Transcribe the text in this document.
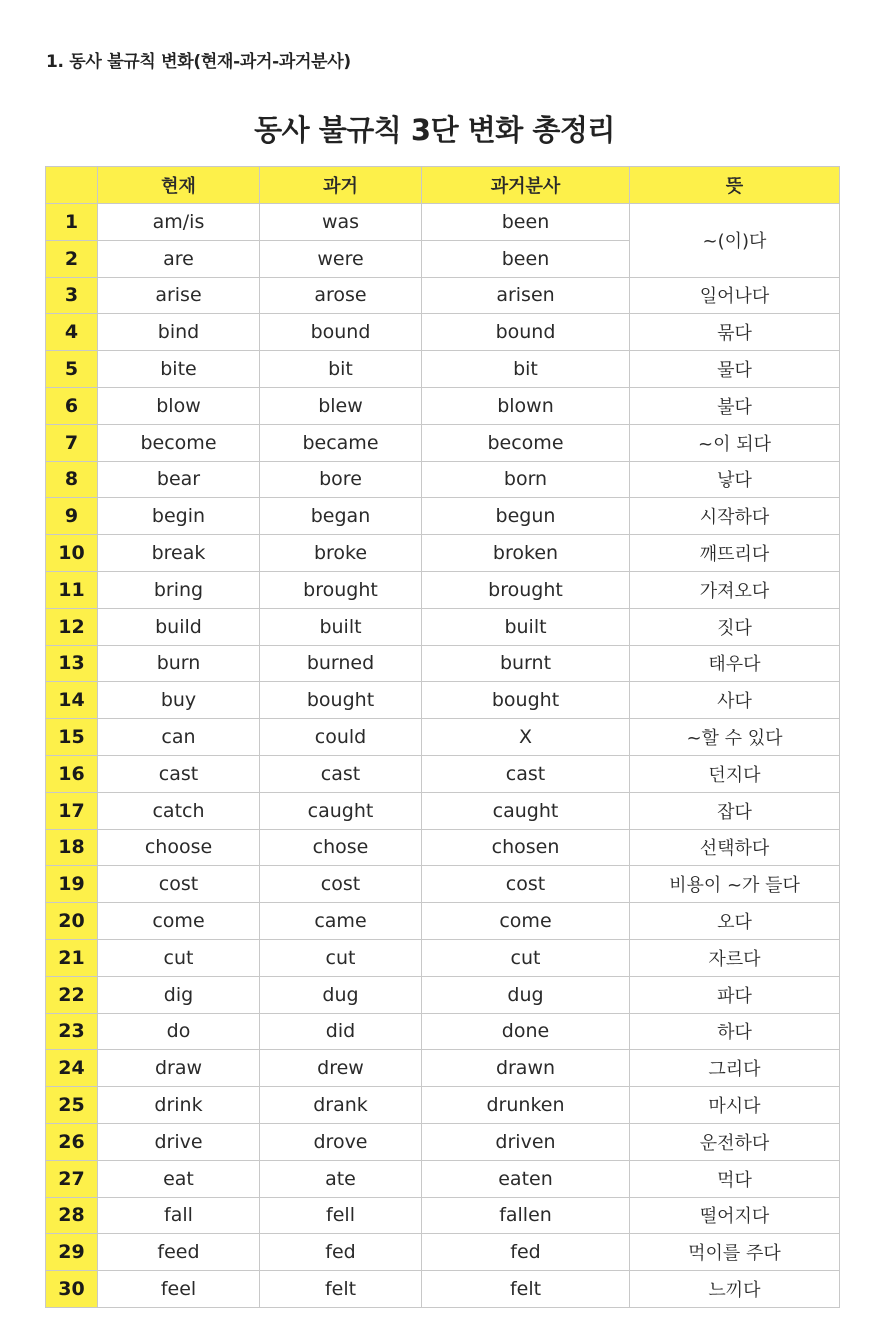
1. 동사 불규칙 변화(현재-과거-과거분사)
동사 불규칙 3단 변화 총정리
	현재	과거	과거분사	뜻
1	am/is	was	been	~(이)다
2	are	were	been	
3	arise	arose	arisen	일어나다
4	bind	bound	bound	묶다
5	bite	bit	bit	물다
6	blow	blew	blown	불다
7	become	became	become	~이 되다
8	bear	bore	born	낳다
9	begin	began	begun	시작하다
10	break	broke	broken	깨뜨리다
11	bring	brought	brought	가져오다
12	build	built	built	짓다
13	burn	burned	burnt	태우다
14	buy	bought	bought	사다
15	can	could	X	~할 수 있다
16	cast	cast	cast	던지다
17	catch	caught	caught	잡다
18	choose	chose	chosen	선택하다
19	cost	cost	cost	비용이 ~가 들다
20	come	came	come	오다
21	cut	cut	cut	자르다
22	dig	dug	dug	파다
23	do	did	done	하다
24	draw	drew	drawn	그리다
25	drink	drank	drunken	마시다
26	drive	drove	driven	운전하다
27	eat	ate	eaten	먹다
28	fall	fell	fallen	떨어지다
29	feed	fed	fed	먹이를 주다
30	feel	felt	felt	느끼다
